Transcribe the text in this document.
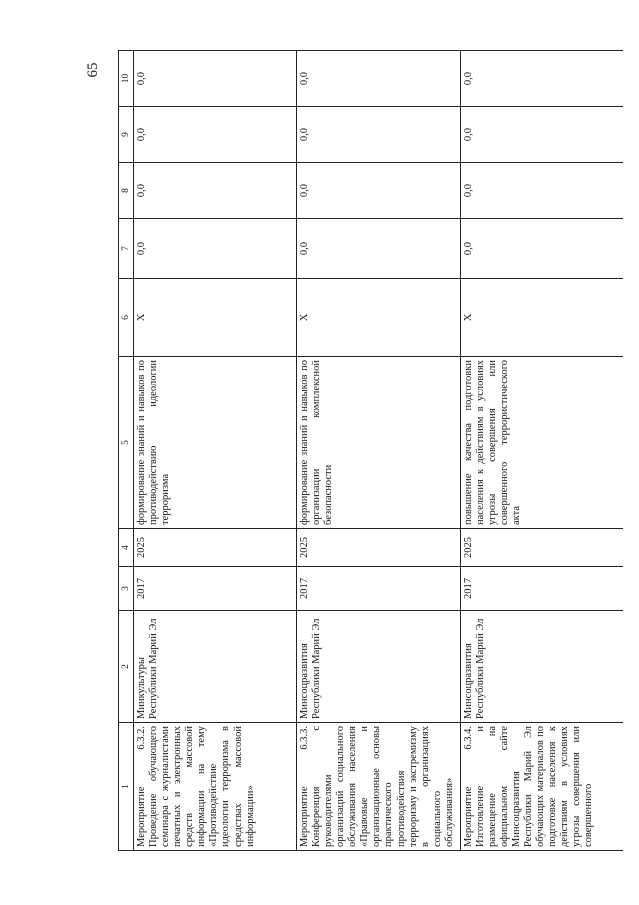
65
1	2	3	4	5	6	7	8	9	10
Мероприятие 6.3.2. Проведение обучающего семинара с журналистами печатных и электронных средств массовой информации на тему «Противодействие идеологии терроризма в средствах массовой информации»	Минкультуры Республики Марий Эл	2017	2025	формирование знаний и навыков по противодействию идеологии терроризма	X	0,0	0,0	0,0	0,0
Мероприятие 6.3.3. Конференция с руководителями организаций социального обслуживания населения «Правовые и организационные основы практического противодействия терроризму и экстремизму в организациях социального обслуживания»	Минсоцразвития Республики Марий Эл	2017	2025	формирование знаний и навыков по организации комплексной безопасности	X	0,0	0,0	0,0	0,0
Мероприятие 6.3.4. Изготовление и размещение на официальном сайте Минсоцразвития Республики Марий Эл обучающих материалов по подготовке населения к действиям в условиях угрозы совершения или совершенного	Минсоцразвития Республики Марий Эл	2017	2025	повышение качества подготовки населения к действиям в условиях угрозы совершения или совершенного террористического акта	X	0,0	0,0	0,0	0,0
